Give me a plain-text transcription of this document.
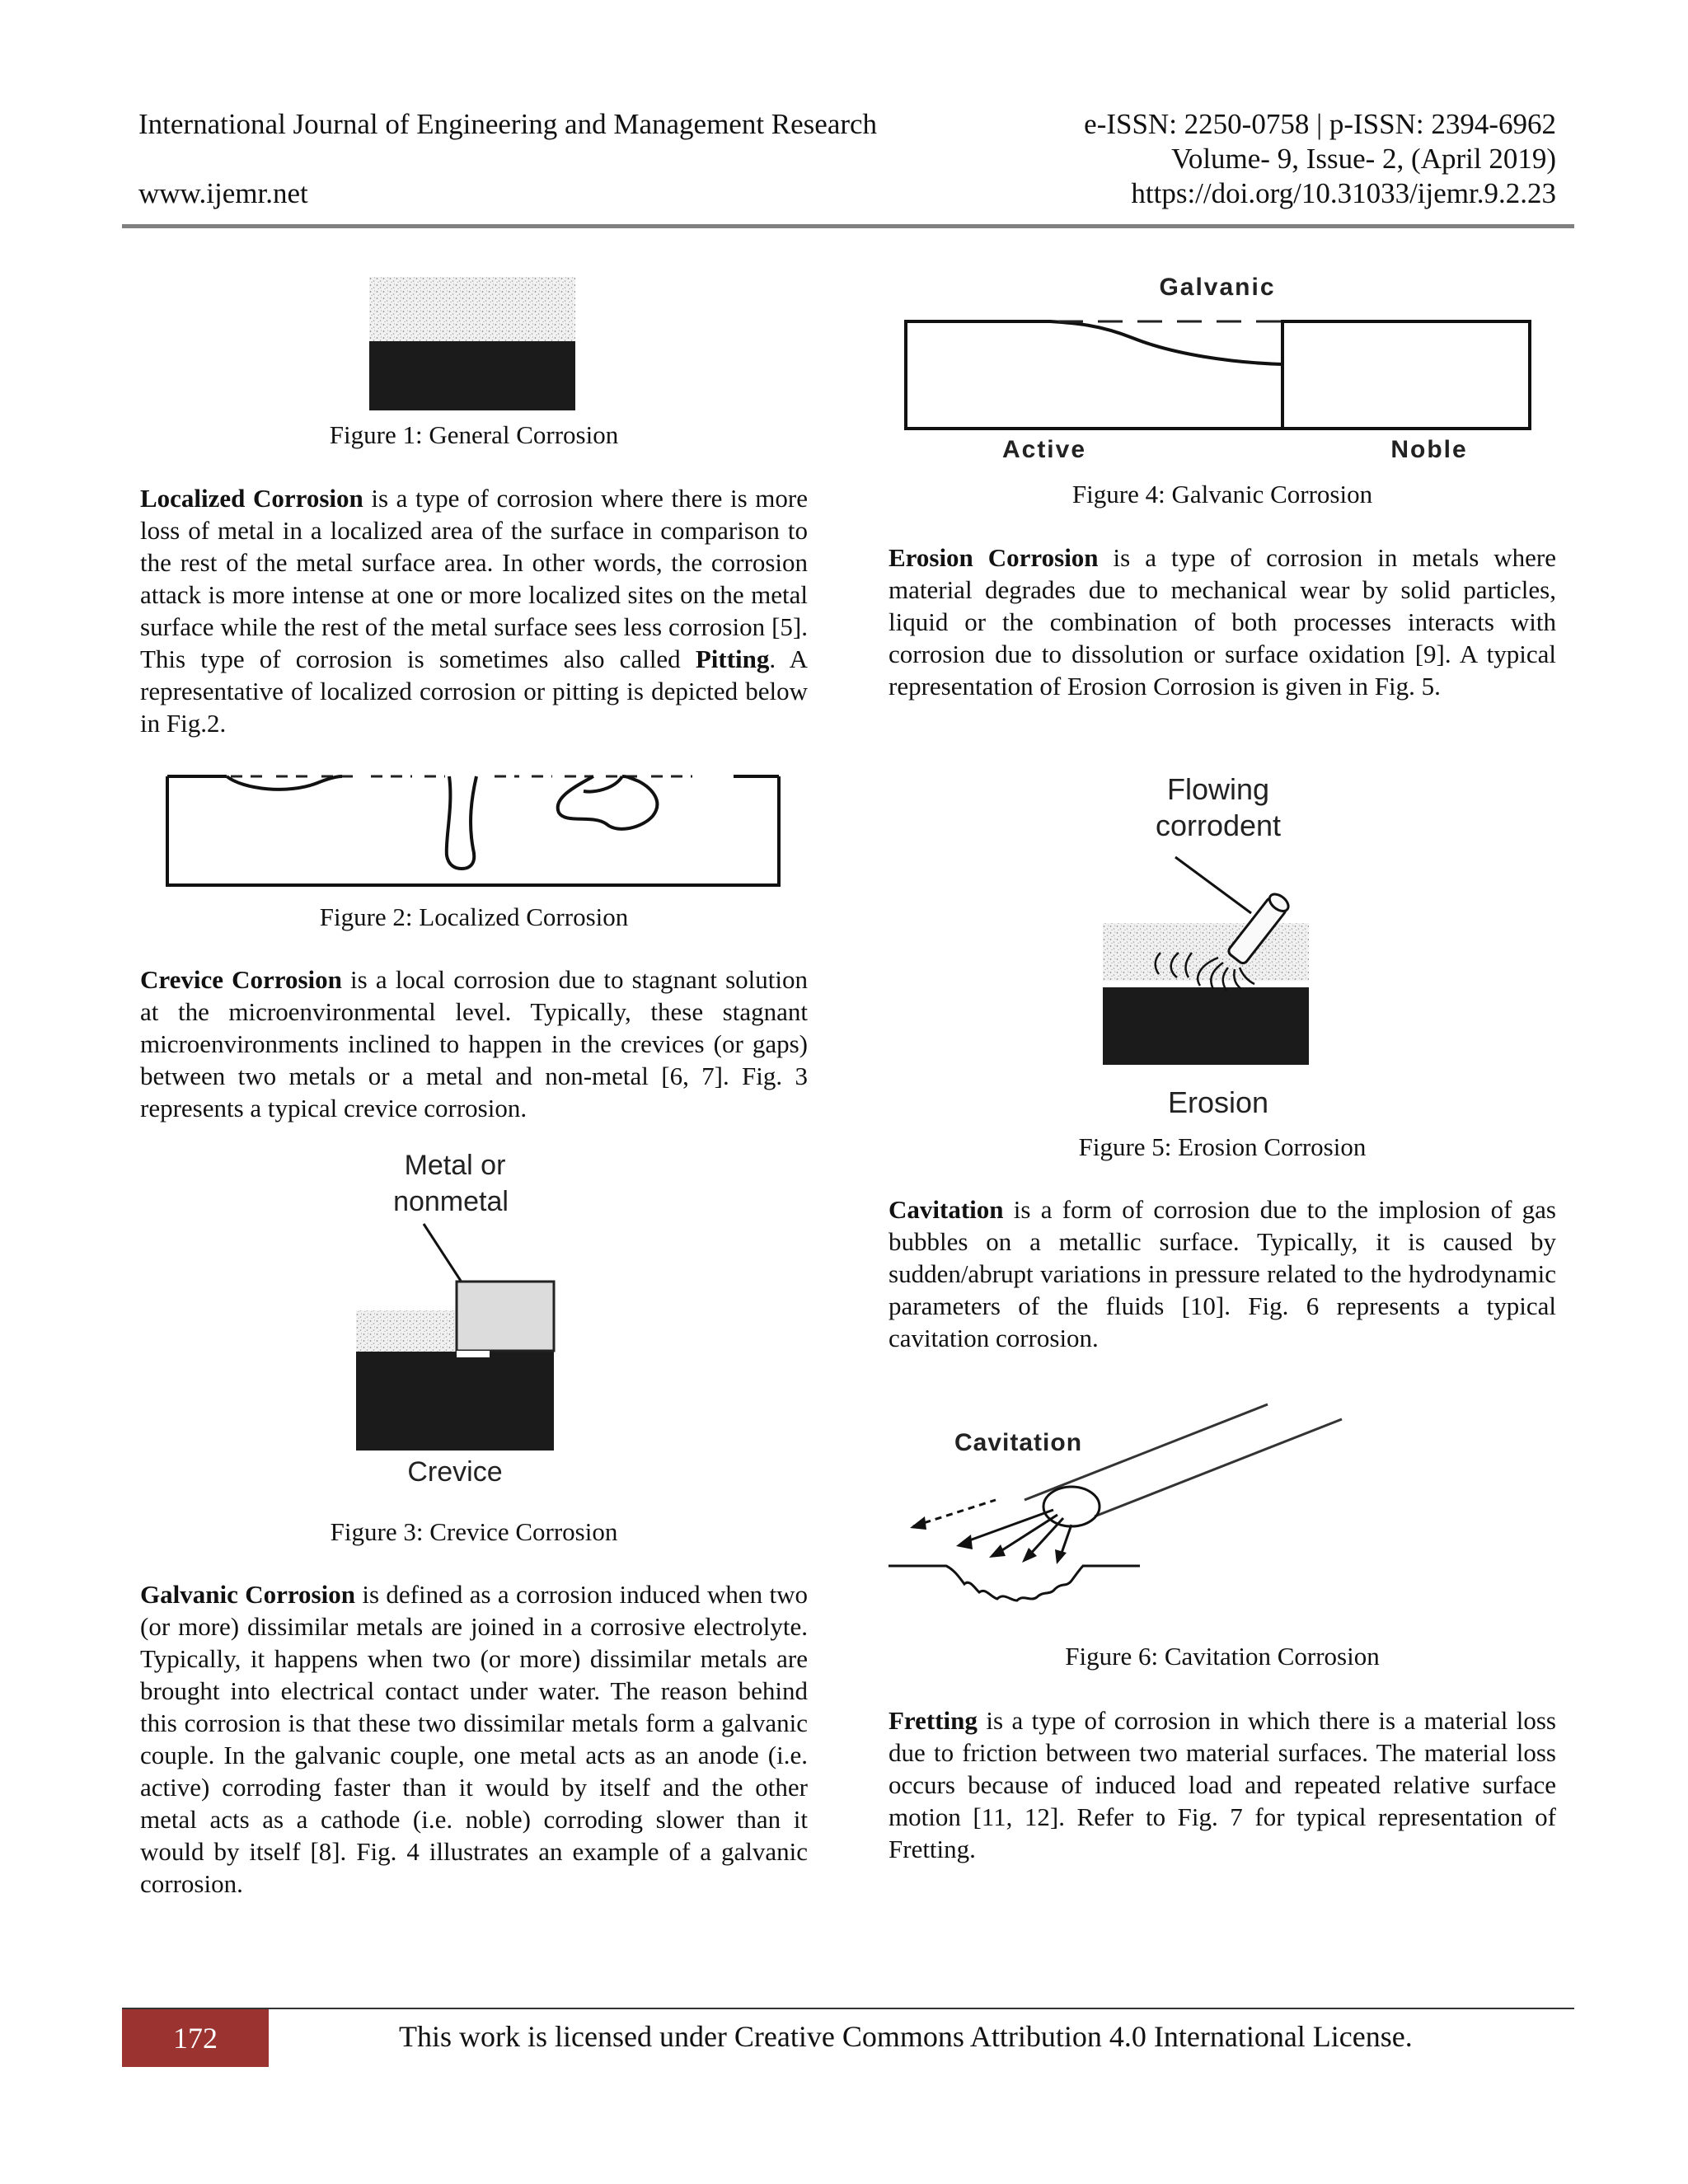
International Journal of Engineering and Management Research
www.ijemr.net
e-ISSN: 2250-0758 | p-ISSN: 2394-6962
Volume- 9, Issue- 2, (April 2019)
https://doi.org/10.31033/ijemr.9.2.23
Figure 1: General Corrosion

Localized Corrosion is a type of corrosion where there is more loss of metal in a localized area of the surface in comparison to the rest of the metal surface area. In other words, the corrosion attack is more intense at one or more localized sites on the metal surface while the rest of the metal surface sees less corrosion [5]. This type of corrosion is sometimes also called Pitting. A representative of localized corrosion or pitting is depicted below in Fig.2.

Figure 2: Localized Corrosion

Crevice Corrosion is a local corrosion due to stagnant solution at the microenvironmental level. Typically, these stagnant microenvironments inclined to happen in the crevices (or gaps) between two metals or a metal and non-metal [6, 7]. Fig. 3 represents a typical crevice corrosion.

Metal or
nonmetal
Crevice
Figure 3: Crevice Corrosion

Galvanic Corrosion is defined as a corrosion induced when two (or more) dissimilar metals are joined in a corrosive electrolyte. Typically, it happens when two (or more) dissimilar metals are brought into electrical contact under water. The reason behind this corrosion is that these two dissimilar metals form a galvanic couple. In the galvanic couple, one metal acts as an anode (i.e. active) corroding faster than it would by itself and the other metal acts as a cathode (i.e. noble) corroding slower than it would by itself [8]. Fig. 4 illustrates an example of a galvanic corrosion.

Galvanic
Active	Noble
Figure 4: Galvanic Corrosion

Erosion Corrosion is a type of corrosion in metals where material degrades due to mechanical wear by solid particles, liquid or the combination of both processes interacts with corrosion due to dissolution or surface oxidation [9]. A typical representation of Erosion Corrosion is given in Fig. 5.

Flowing
corrodent
Erosion
Figure 5: Erosion Corrosion

Cavitation is a form of corrosion due to the implosion of gas bubbles on a metallic surface. Typically, it is caused by sudden/abrupt variations in pressure related to the hydrodynamic parameters of the fluids [10]. Fig. 6 represents a typical cavitation corrosion.

Cavitation
Figure 6: Cavitation Corrosion

Fretting is a type of corrosion in which there is a material loss due to friction between two material surfaces. The material loss occurs because of induced load and repeated relative surface motion [11, 12]. Refer to Fig. 7 for typical representation of Fretting.

172	This work is licensed under Creative Commons Attribution 4.0 International License.
